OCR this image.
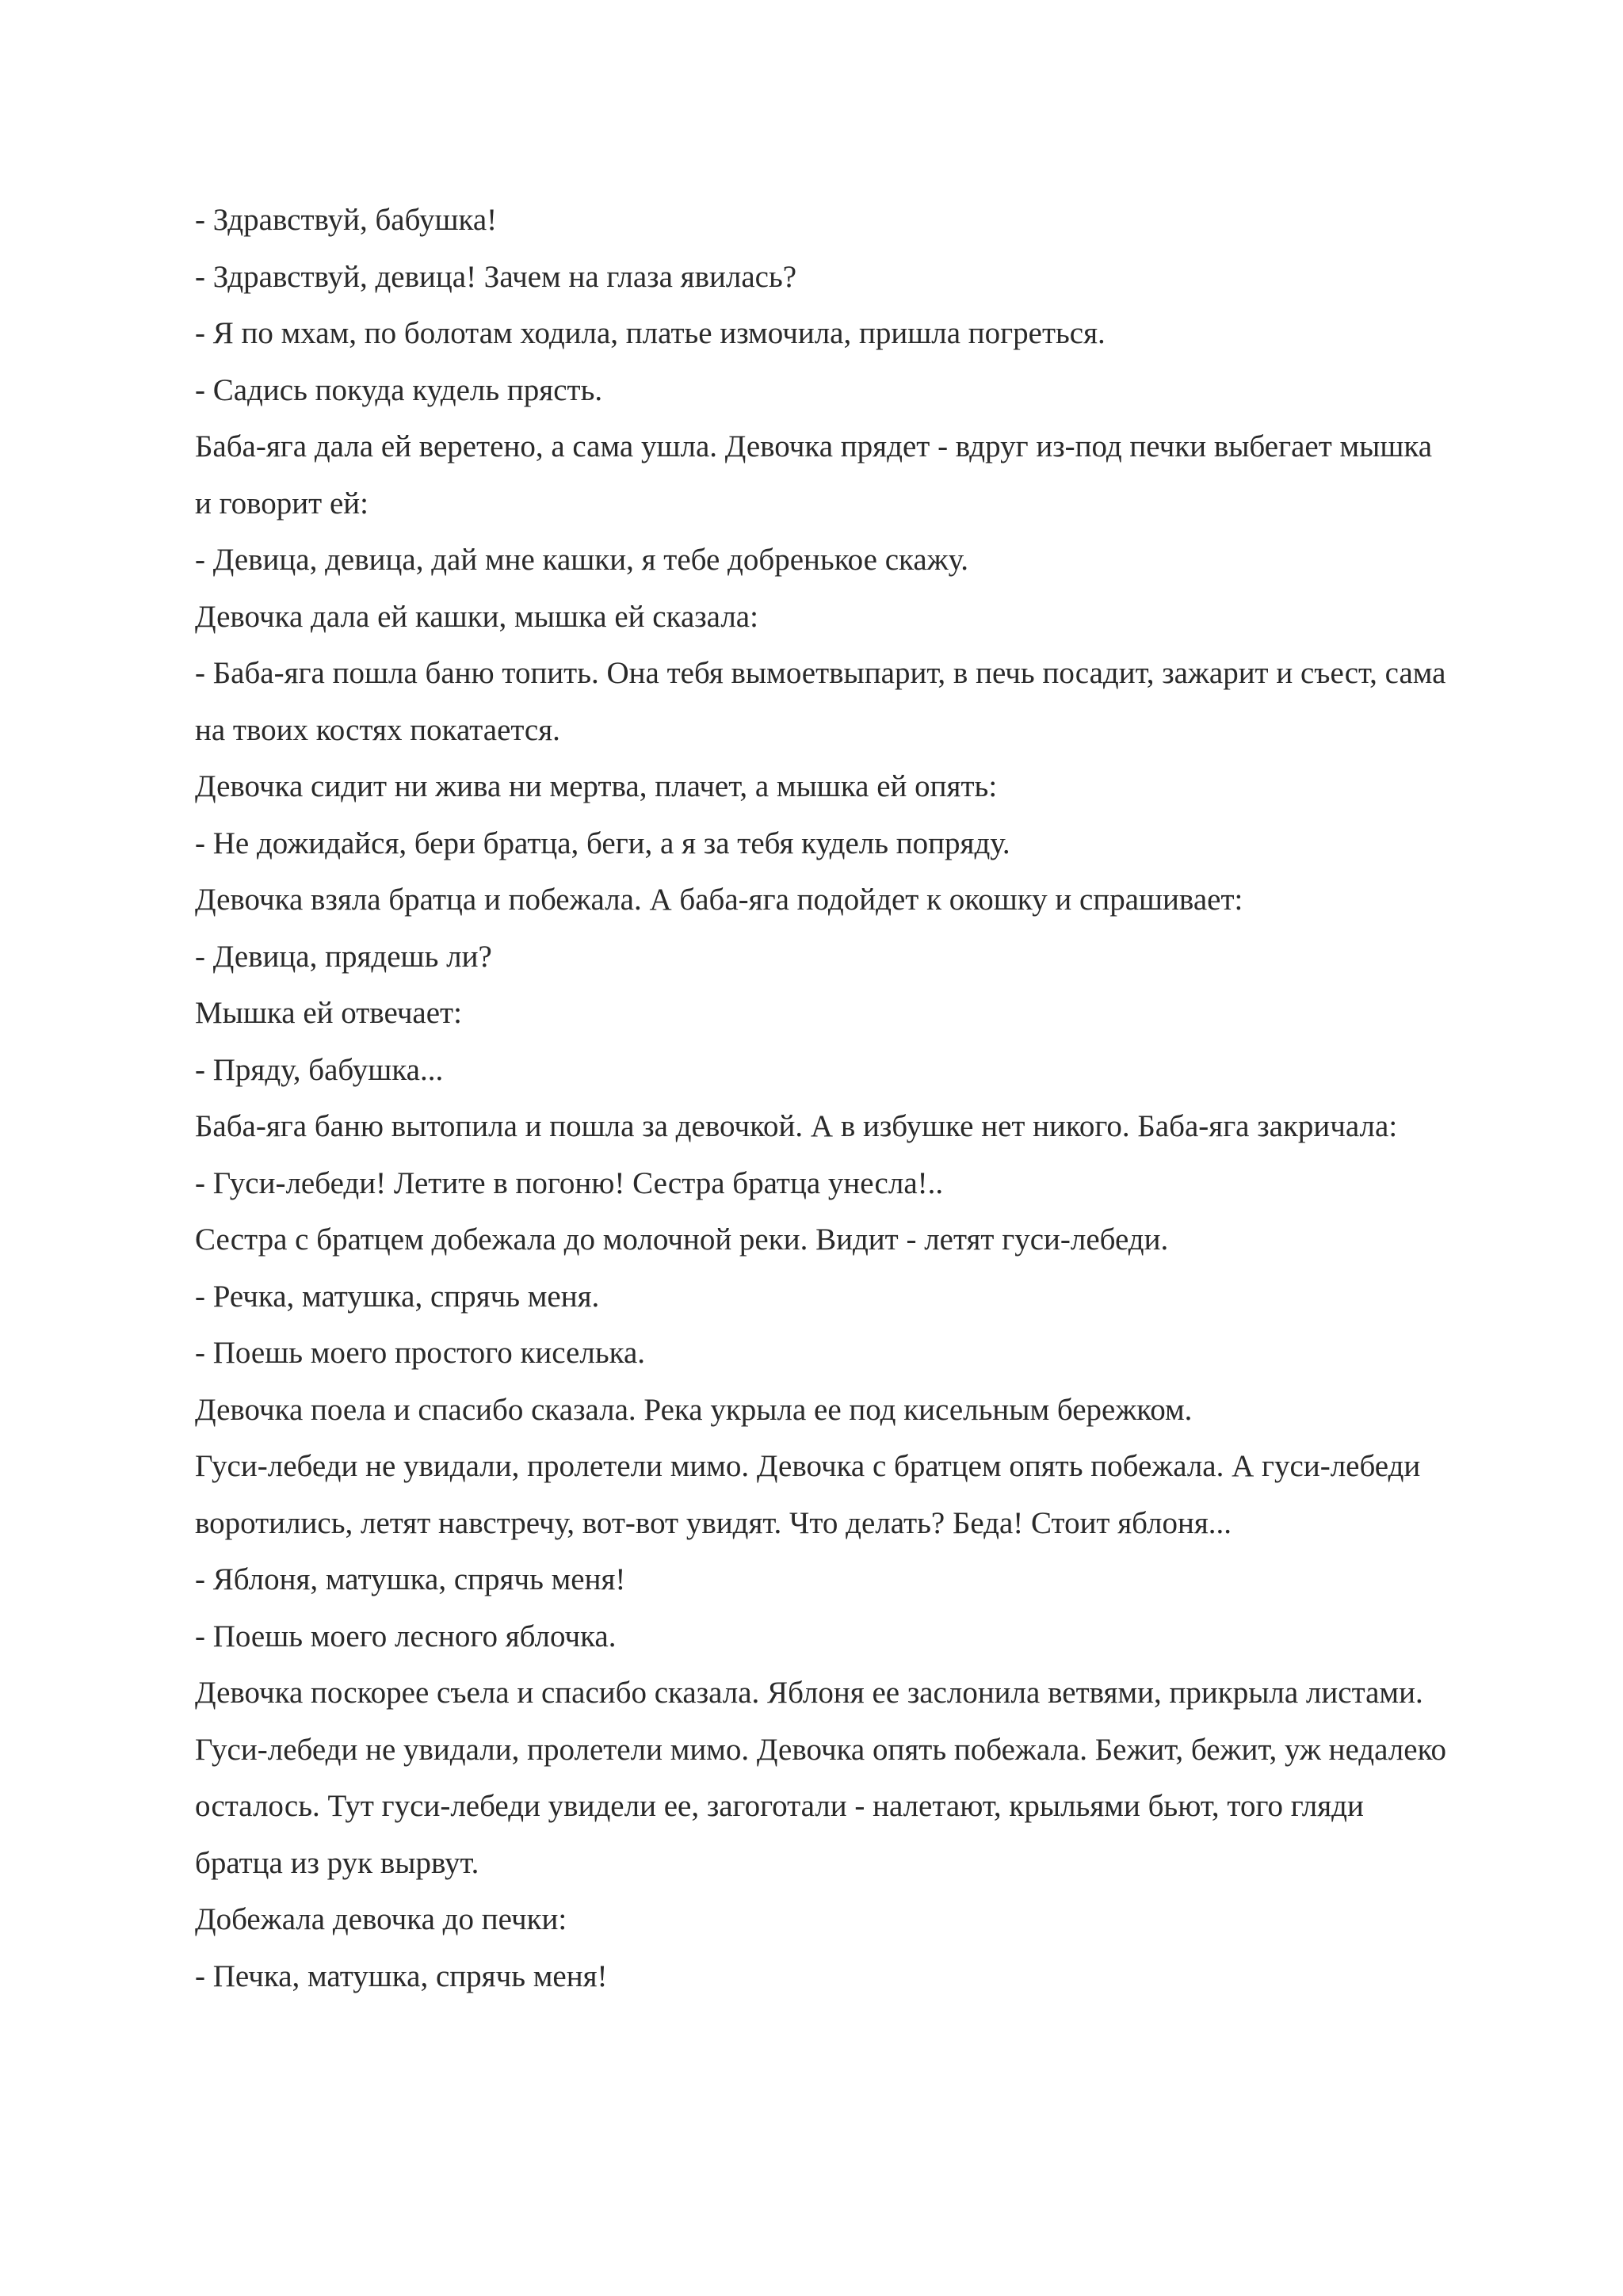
- Здравствуй, бабушка!

- Здравствуй, девица! Зачем на глаза явилась?

- Я по мхам, по болотам ходила, платье измочила, пришла погреться.

- Садись покуда кудель прясть.

Баба-яга дала ей веретено, а сама ушла. Девочка прядет - вдруг из-под печки выбегает мышка и говорит ей:

- Девица, девица, дай мне кашки, я тебе добренькое скажу.

Девочка дала ей кашки, мышка ей сказала:

- Баба-яга пошла баню топить. Она тебя вымоетвыпарит, в печь посадит, зажарит и съест, сама на твоих костях покатается.

Девочка сидит ни жива ни мертва, плачет, а мышка ей опять:

- Не дожидайся, бери братца, беги, а я за тебя кудель попряду.

Девочка взяла братца и побежала. А баба-яга подойдет к окошку и спрашивает:

- Девица, прядешь ли?

Мышка ей отвечает:

- Пряду, бабушка...

Баба-яга баню вытопила и пошла за девочкой. А в избушке нет никого. Баба-яга закричала:

- Гуси-лебеди! Летите в погоню! Сестра братца унесла!..

Сестра с братцем добежала до молочной реки. Видит - летят гуси-лебеди.

- Речка, матушка, спрячь меня.

- Поешь моего простого киселька.

Девочка поела и спасибо сказала. Река укрыла ее под кисельным бережком.

Гуси-лебеди не увидали, пролетели мимо. Девочка с братцем опять побежала. А гуси-лебеди воротились, летят навстречу, вот-вот увидят. Что делать? Беда! Стоит яблоня...

- Яблоня, матушка, спрячь меня!

- Поешь моего лесного яблочка.

Девочка поскорее съела и спасибо сказала. Яблоня ее заслонила ветвями, прикрыла листами.

Гуси-лебеди не увидали, пролетели мимо. Девочка опять побежала. Бежит, бежит, уж недалеко осталось. Тут гуси-лебеди увидели ее, загоготали - налетают, крыльями бьют, того гляди братца из рук вырвут.

Добежала девочка до печки:

- Печка, матушка, спрячь меня!
